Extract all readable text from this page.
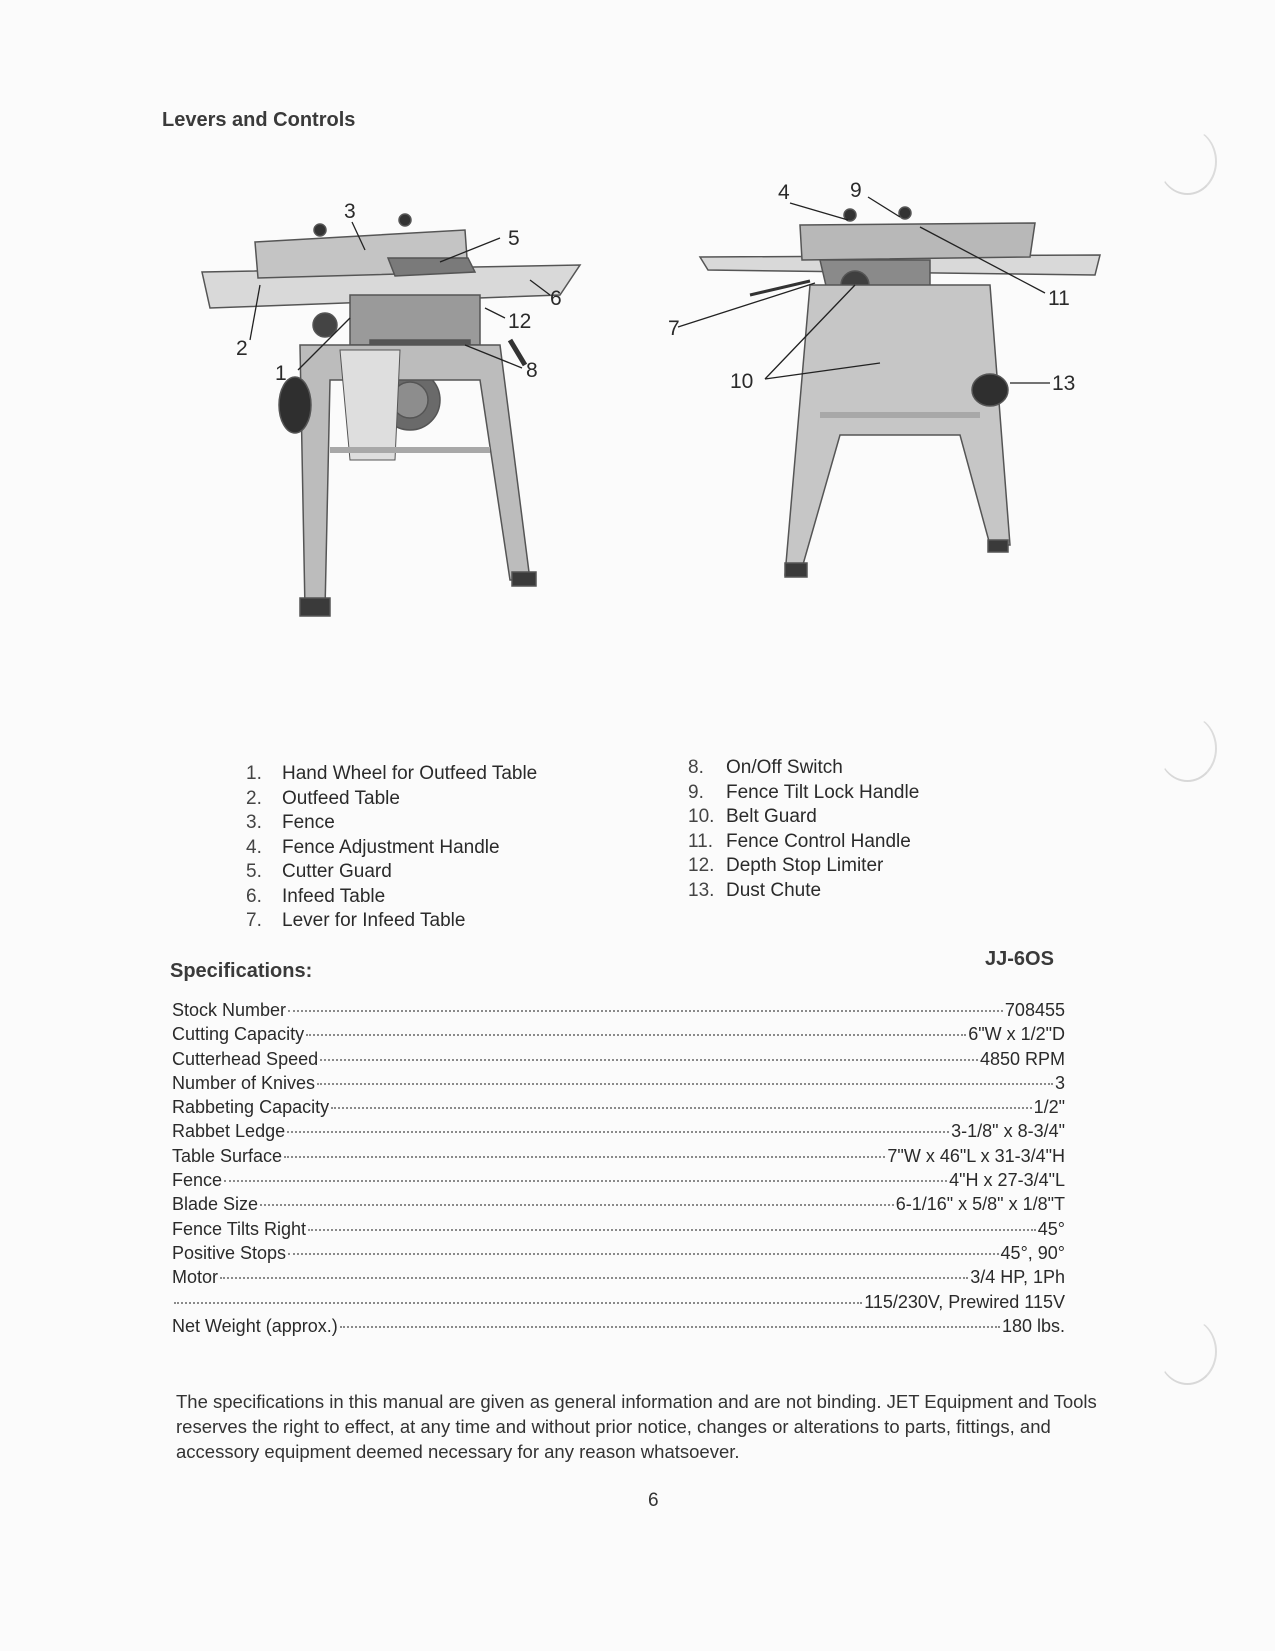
Levers and Controls
1
2
3
5
6
12
8
4	9
7
10
11
13
1.	Hand Wheel for Outfeed Table
2.	Outfeed Table
3.	Fence
4.	Fence Adjustment Handle
5.	Cutter Guard
6.	Infeed Table
7.	Lever for Infeed Table
8.	On/Off Switch
9.	Fence Tilt Lock Handle
10. Belt Guard
11. Fence Control Handle
12. Depth Stop Limiter
13. Dust Chute
Specifications:
JJ-6OS
Stock Number	708455
Cutting Capacity	6"W x 1/2"D
Cutterhead Speed	4850 RPM
Number of Knives	3
Rabbeting Capacity	1/2"
Rabbet Ledge	3-1/8" x 8-3/4"
Table Surface	7"W x 46"L x 31-3/4"H
Fence	4"H x 27-3/4"L
Blade Size	6-1/16" x 5/8" x 1/8"T
Fence Tilts Right	45°
Positive Stops	45°, 90°
Motor	3/4 HP, 1Ph
115/230V, Prewired 115V
Net Weight (approx.)	180 lbs.

The specifications in this manual are given as general information and are not binding. JET Equipment and Tools reserves the right to effect, at any time and without prior notice, changes or alterations to parts, fittings, and accessory equipment deemed necessary for any reason whatsoever.

6
